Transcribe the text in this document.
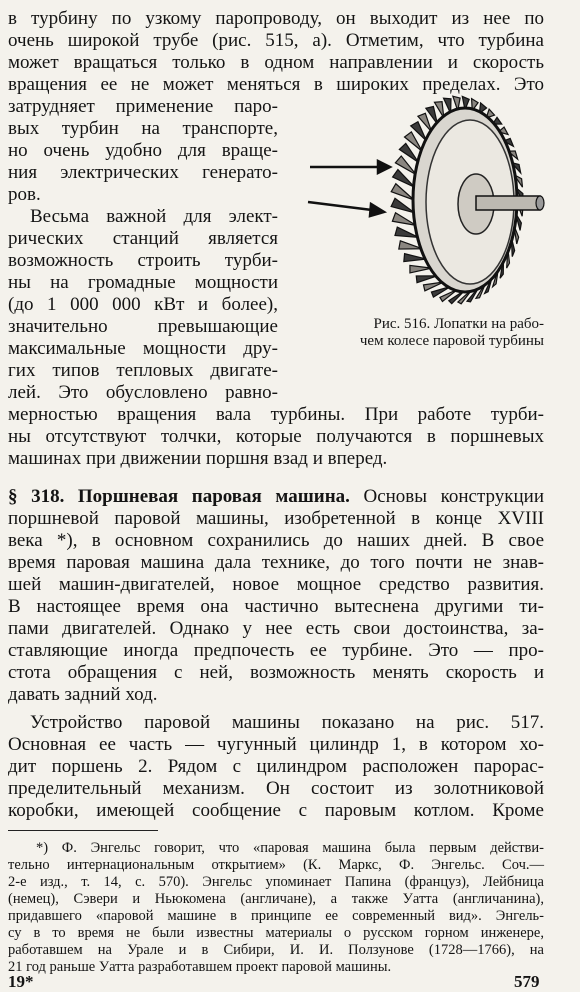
в турбину по узкому паропроводу, он выходит из нее по
очень широкой трубе (рис. 515, а). Отметим, что турбина
может вращаться только в одном направлении и скорость
вращения ее не может меняться в широких пределах. Это
затрудняет применение паро-
вых турбин на транспорте,
но очень удобно для враще-
ния электрических генерато-
ров.
Весьма важной для элект-
рических станций является
возможность строить турби-
ны на громадные мощности
(до 1 000 000 кВт и более),
значительно превышающие
максимальные мощности дру-
гих типов тепловых двигате-
лей. Это обусловлено равно-
Рис. 516. Лопатки на рабо-
чем колесе паровой турбины
мерностью вращения вала турбины. При работе турби-
ны отсутствуют толчки, которые получаются в поршневых
машинах при движении поршня взад и вперед.
§ 318. Поршневая паровая машина. Основы конструкции
поршневой паровой машины, изобретенной в конце XVIII
века *), в основном сохранились до наших дней. В свое
время паровая машина дала технике, до того почти не знав-
шей машин-двигателей, новое мощное средство развития.
В настоящее время она частично вытеснена другими ти-
пами двигателей. Однако у нее есть свои достоинства, за-
ставляющие иногда предпочесть ее турбине. Это — про-
стота обращения с ней, возможность менять скорость и
давать задний ход.
Устройство паровой машины показано на рис. 517.
Основная ее часть — чугунный цилиндр 1, в котором хо-
дит поршень 2. Рядом с цилиндром расположен парорас-
пределительный механизм. Он состоит из золотниковой
коробки, имеющей сообщение с паровым котлом. Кроме
*) Ф. Энгельс говорит, что «паровая машина была первым действи-
тельно интернациональным открытием» (К. Маркс, Ф. Энгельс. Соч.—
2-е изд., т. 14, с. 570). Энгельс упоминает Папина (француз), Лейбница
(немец), Сэвери и Ньюкомена (англичане), а также Уатта (англичанина),
придавшего «паровой машине в принципе ее современный вид». Энгель-
су в то время не были известны материалы о русском горном инженере,
работавшем на Урале и в Сибири, И. И. Ползунове (1728—1766), на
21 год раньше Уатта разработавшем проект паровой машины.
19*	579
